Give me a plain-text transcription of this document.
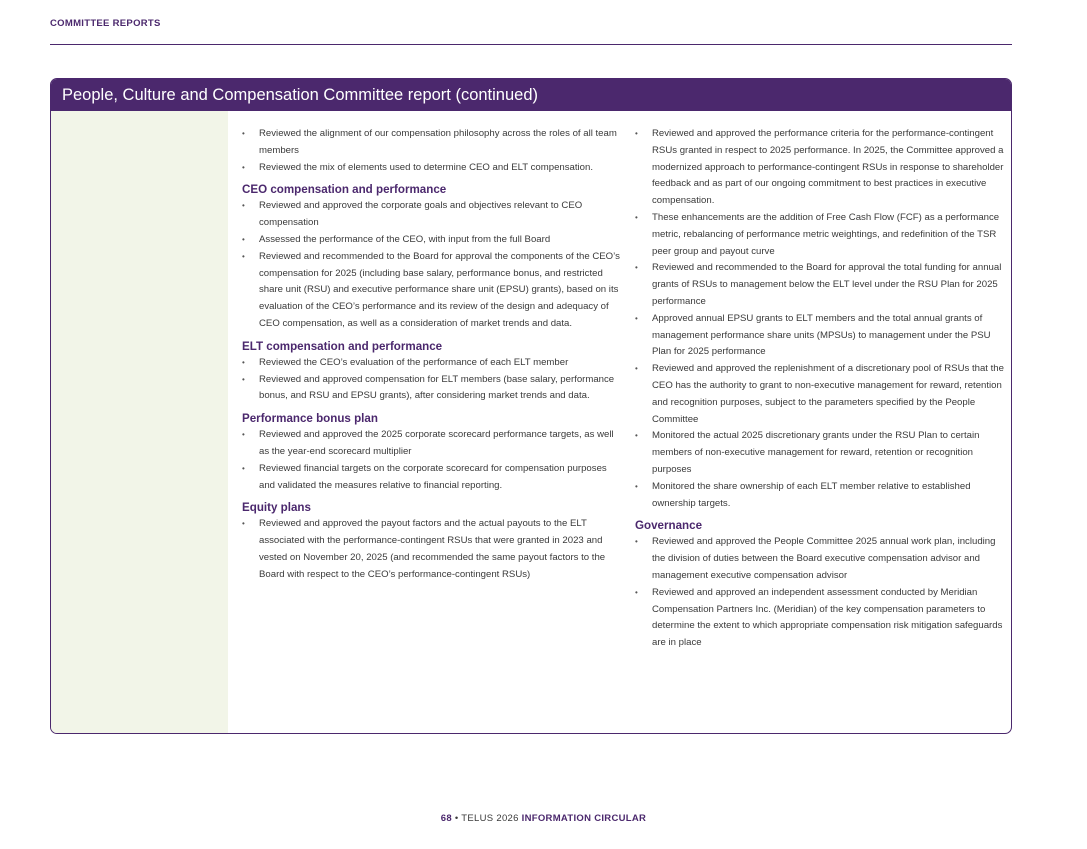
COMMITTEE REPORTS
People, Culture and Compensation Committee report (continued)
• Reviewed the alignment of our compensation philosophy across the roles of all team members
• Reviewed the mix of elements used to determine CEO and ELT compensation.
CEO compensation and performance
• Reviewed and approved the corporate goals and objectives relevant to CEO compensation
• Assessed the performance of the CEO, with input from the full Board
• Reviewed and recommended to the Board for approval the components of the CEO’s compensation for 2025 (including base salary, performance bonus, and restricted share unit (RSU) and executive performance share unit (EPSU) grants), based on its evaluation of the CEO’s performance and its review of the design and adequacy of CEO compensation, as well as a consideration of market trends and data.
ELT compensation and performance
• Reviewed the CEO’s evaluation of the performance of each ELT member
• Reviewed and approved compensation for ELT members (base salary, performance bonus, and RSU and EPSU grants), after considering market trends and data.
Performance bonus plan
• Reviewed and approved the 2025 corporate scorecard performance targets, as well as the year-end scorecard multiplier
• Reviewed financial targets on the corporate scorecard for compensation purposes and validated the measures relative to financial reporting.
Equity plans
• Reviewed and approved the payout factors and the actual payouts to the ELT associated with the performance-contingent RSUs that were granted in 2023 and vested on November 20, 2025 (and recommended the same payout factors to the Board with respect to the CEO’s performance-contingent RSUs)
• Reviewed and approved the performance criteria for the performance-contingent RSUs granted in respect to 2025 performance. In 2025, the Committee approved a modernized approach to performance-contingent RSUs in response to shareholder feedback and as part of our ongoing commitment to best practices in executive compensation.
• These enhancements are the addition of Free Cash Flow (FCF) as a performance metric, rebalancing of performance metric weightings, and redefinition of the TSR peer group and payout curve
• Reviewed and recommended to the Board for approval the total funding for annual grants of RSUs to management below the ELT level under the RSU Plan for 2025 performance
• Approved annual EPSU grants to ELT members and the total annual grants of management performance share units (MPSUs) to management under the PSU Plan for 2025 performance
• Reviewed and approved the replenishment of a discretionary pool of RSUs that the CEO has the authority to grant to non-executive management for reward, retention and recognition purposes, subject to the parameters specified by the People Committee
• Monitored the actual 2025 discretionary grants under the RSU Plan to certain members of non-executive management for reward, retention or recognition purposes
• Monitored the share ownership of each ELT member relative to established ownership targets.
Governance
• Reviewed and approved the People Committee 2025 annual work plan, including the division of duties between the Board executive compensation advisor and management executive compensation advisor
• Reviewed and approved an independent assessment conducted by Meridian Compensation Partners Inc. (Meridian) of the key compensation parameters to determine the extent to which appropriate compensation risk mitigation safeguards are in place
68 • TELUS 2026 INFORMATION CIRCULAR
